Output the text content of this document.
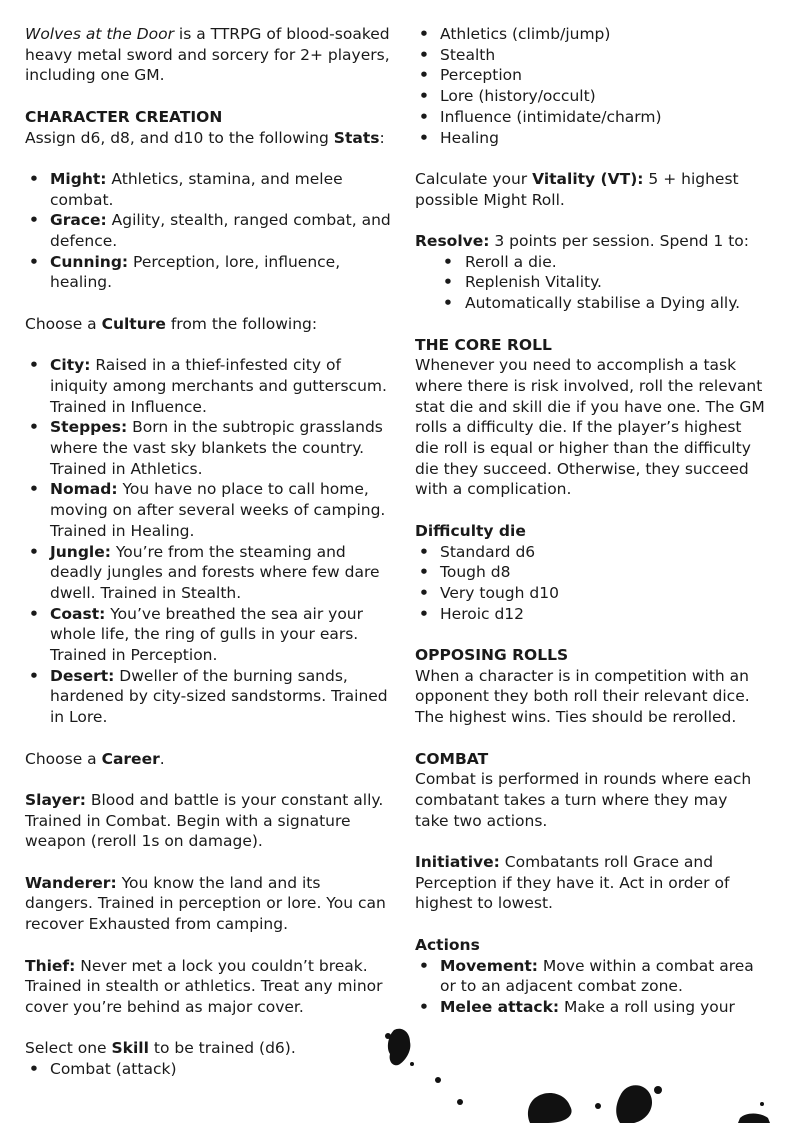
Wolves at the Door is a TTRPG of blood-soaked heavy metal sword and sorcery for 2+ players, including one GM.

CHARACTER CREATION

Assign d6, d8, and d10 to the following Stats:

• Might: Athletics, stamina, and melee combat.
• Grace: Agility, stealth, ranged combat, and defence.
• Cunning: Perception, lore, influence, healing.

Choose a Culture from the following:

• City: Raised in a thief-infested city of iniquity among merchants and gutterscum. Trained in Influence.
• Steppes: Born in the subtropic grasslands where the vast sky blankets the country. Trained in Athletics.
• Nomad: You have no place to call home, moving on after several weeks of camping. Trained in Healing.
• Jungle: You’re from the steaming and deadly jungles and forests where few dare dwell. Trained in Stealth.
• Coast: You’ve breathed the sea air your whole life, the ring of gulls in your ears. Trained in Perception.
• Desert: Dweller of the burning sands, hardened by city-sized sandstorms. Trained in Lore.

Choose a Career.

Slayer: Blood and battle is your constant ally. Trained in Combat. Begin with a signature weapon (reroll 1s on damage).

Wanderer: You know the land and its dangers. Trained in perception or lore. You can recover Exhausted from camping.

Thief: Never met a lock you couldn’t break. Trained in stealth or athletics. Treat any minor cover you’re behind as major cover.

Select one Skill to be trained (d6).

• Combat (attack)
• Athletics (climb/jump)
• Stealth
• Perception
• Lore (history/occult)
• Influence (intimidate/charm)
• Healing

Calculate your Vitality (VT): 5 + highest possible Might Roll.

Resolve: 3 points per session. Spend 1 to:

• Reroll a die.
• Replenish Vitality.
• Automatically stabilise a Dying ally.

THE CORE ROLL

Whenever you need to accomplish a task where there is risk involved, roll the relevant stat die and skill die if you have one. The GM rolls a difficulty die. If the player’s highest die roll is equal or higher than the difficulty die they succeed. Otherwise, they succeed with a complication.

Difficulty die

• Standard d6
• Tough d8
• Very tough d10
• Heroic d12

OPPOSING ROLLS

When a character is in competition with an opponent they both roll their relevant dice. The highest wins. Ties should be rerolled.

COMBAT

Combat is performed in rounds where each combatant takes a turn where they may take two actions.

Initiative: Combatants roll Grace and Perception if they have it. Act in order of highest to lowest.

Actions

• Movement: Move within a combat area or to an adjacent combat zone.
• Melee attack: Make a roll using your
